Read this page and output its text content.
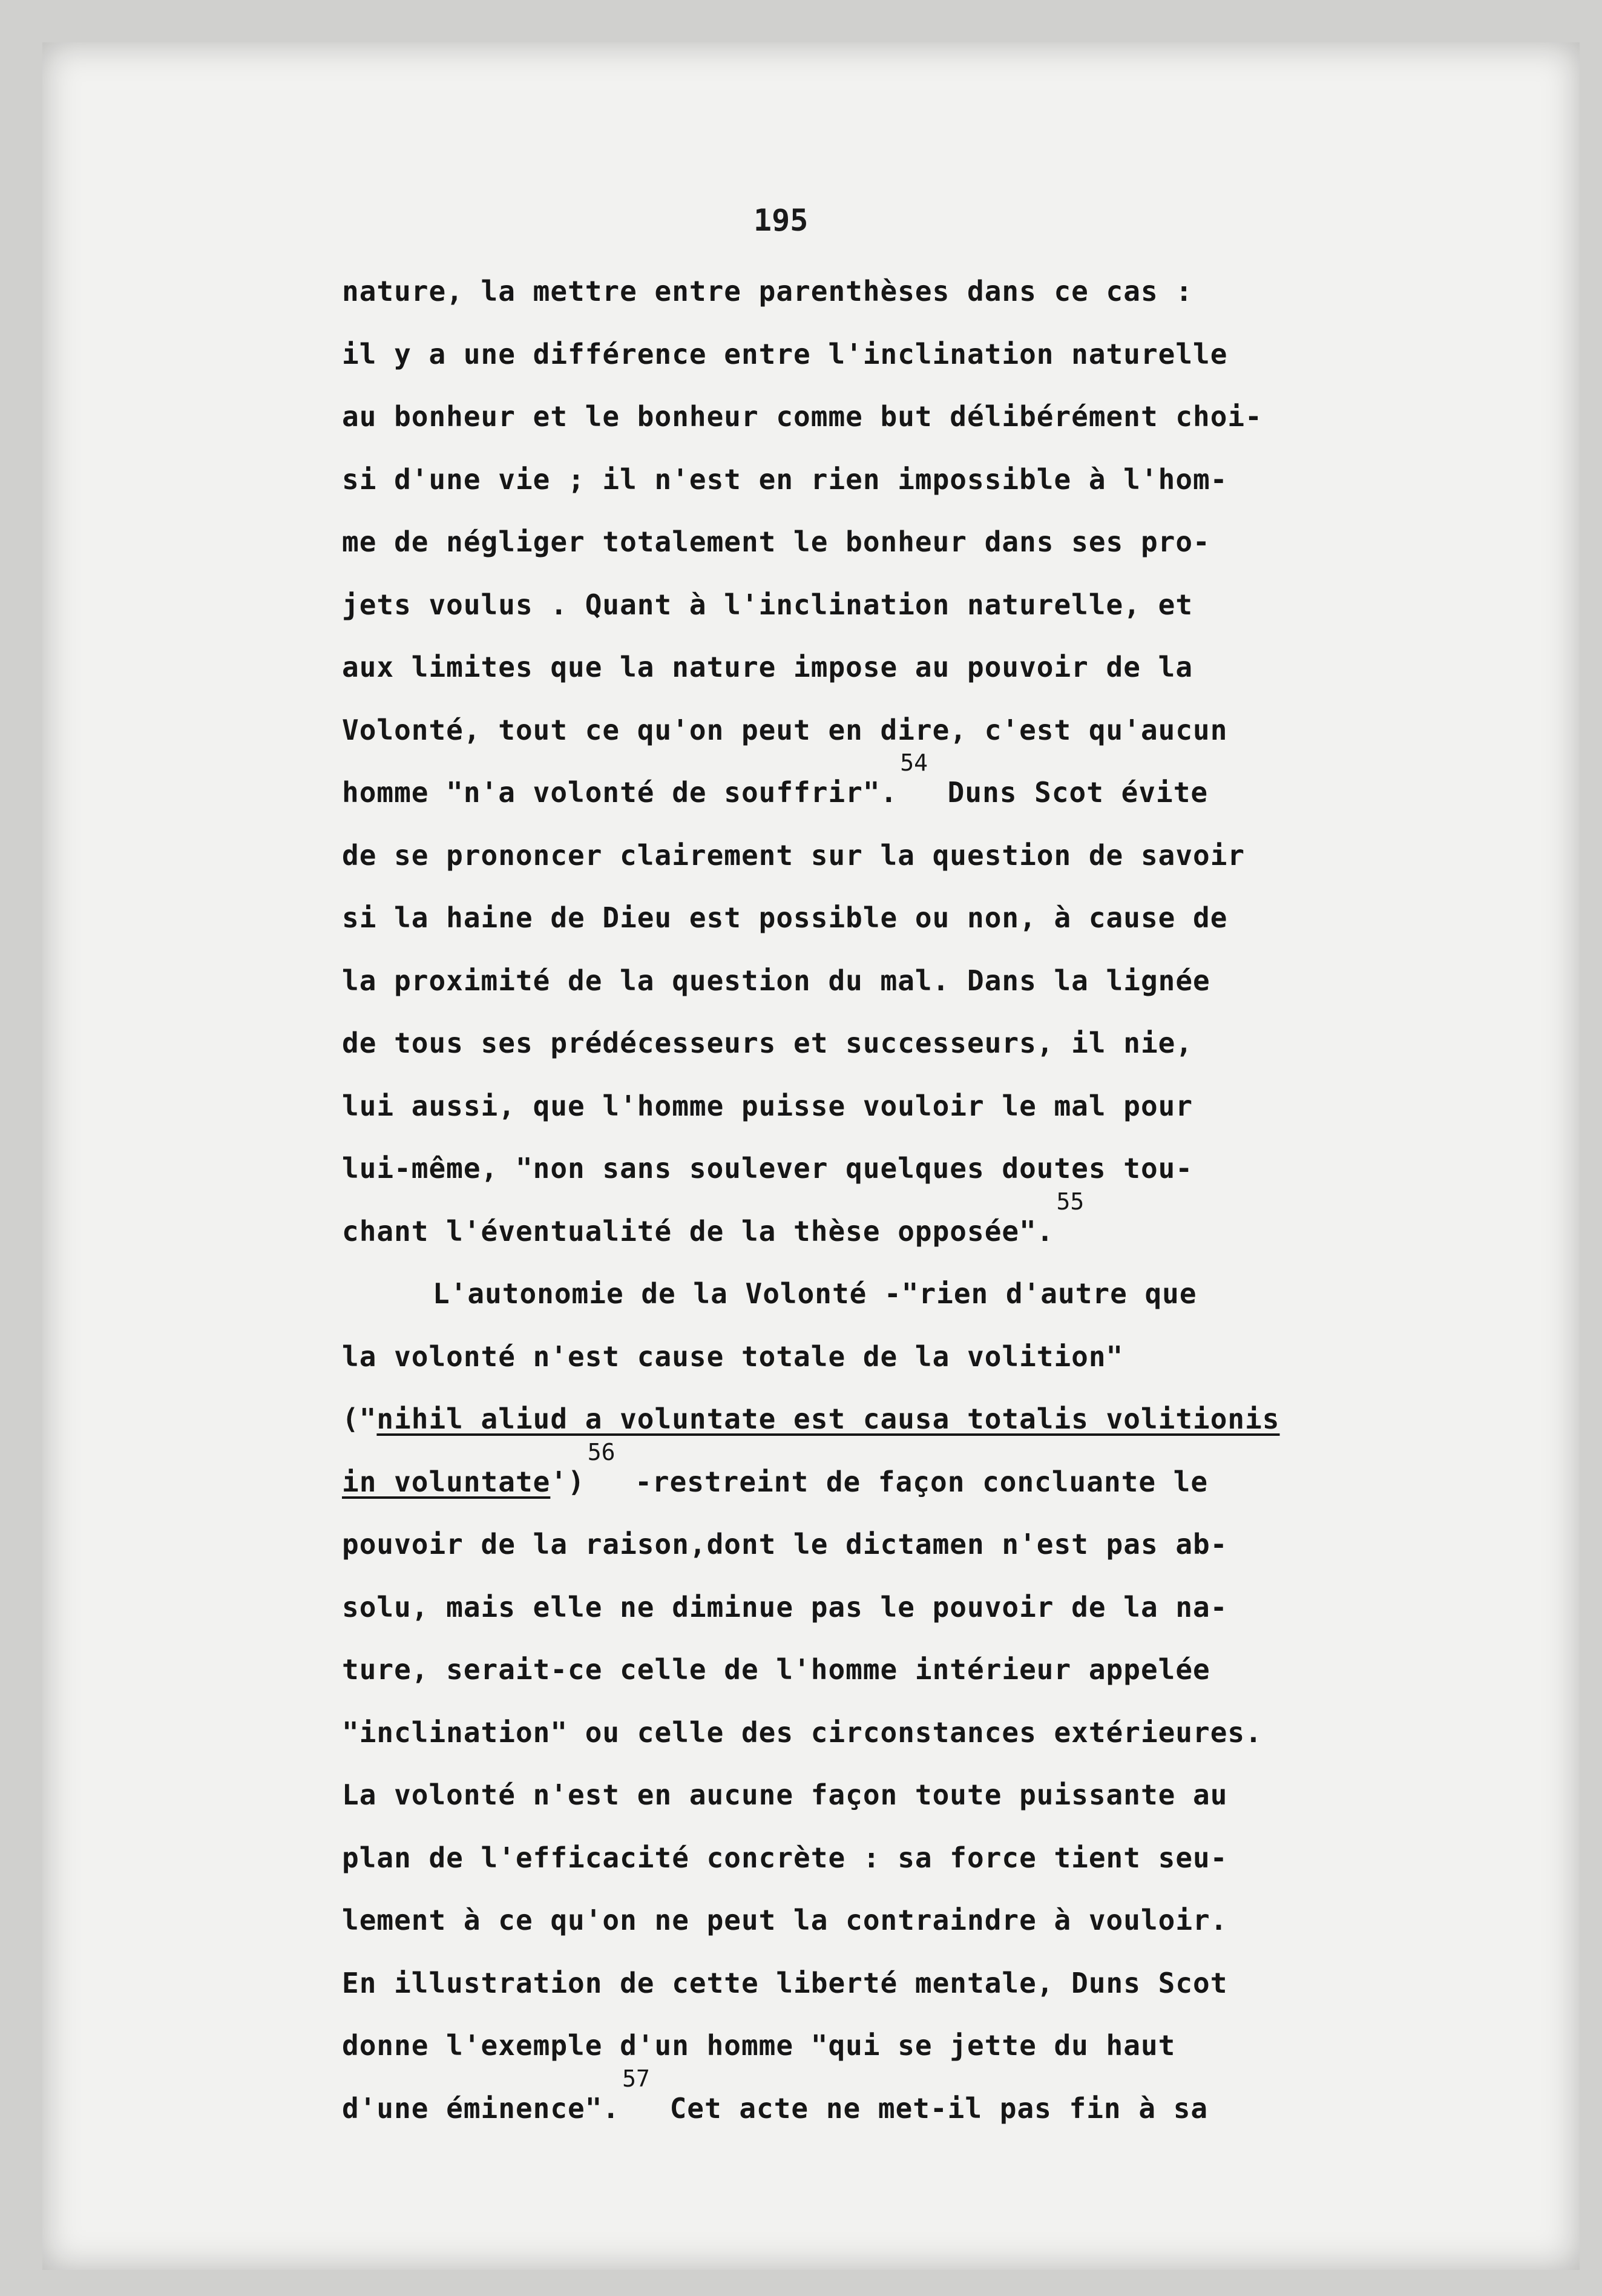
195
nature, la mettre entre parenthèses dans ce cas :
il y a une différence entre l'inclination naturelle
au bonheur et le bonheur comme but délibérément choi-
si d'une vie ; il n'est en rien impossible à l'hom-
me de négliger totalement le bonheur dans ses pro-
jets voulus . Quant à l'inclination naturelle, et
aux limites que la nature impose au pouvoir de la
Volonté, tout ce qu'on peut en dire, c'est qu'aucun
homme "n'a volonté de souffrir".$^{54}$ Duns Scot évite
de se prononcer clairement sur la question de savoir
si la haine de Dieu est possible ou non, à cause de
la proximité de la question du mal. Dans la lignée
de tous ses prédécesseurs et successeurs, il nie,
lui aussi, que l'homme puisse vouloir le mal pour
lui-même, "non sans soulever quelques doutes tou-
chant l'éventualité de la thèse opposée".$^{55}$
L'autonomie de la Volonté -"rien d'autre que
la volonté n'est cause totale de la volition"
("nihil aliud a voluntate est causa totalis volitionis
in voluntate')$^{56}$ -restreint de façon concluante le
pouvoir de la raison,dont le dictamen n'est pas ab-
solu, mais elle ne diminue pas le pouvoir de la na-
ture, serait-ce celle de l'homme intérieur appelée
"inclination" ou celle des circonstances extérieures.
La volonté n'est en aucune façon toute puissante au
plan de l'efficacité concrète : sa force tient seu-
lement à ce qu'on ne peut la contraindre à vouloir.
En illustration de cette liberté mentale, Duns Scot
donne l'exemple d'un homme "qui se jette du haut
d'une éminence".$^{57}$ Cet acte ne met-il pas fin à sa
